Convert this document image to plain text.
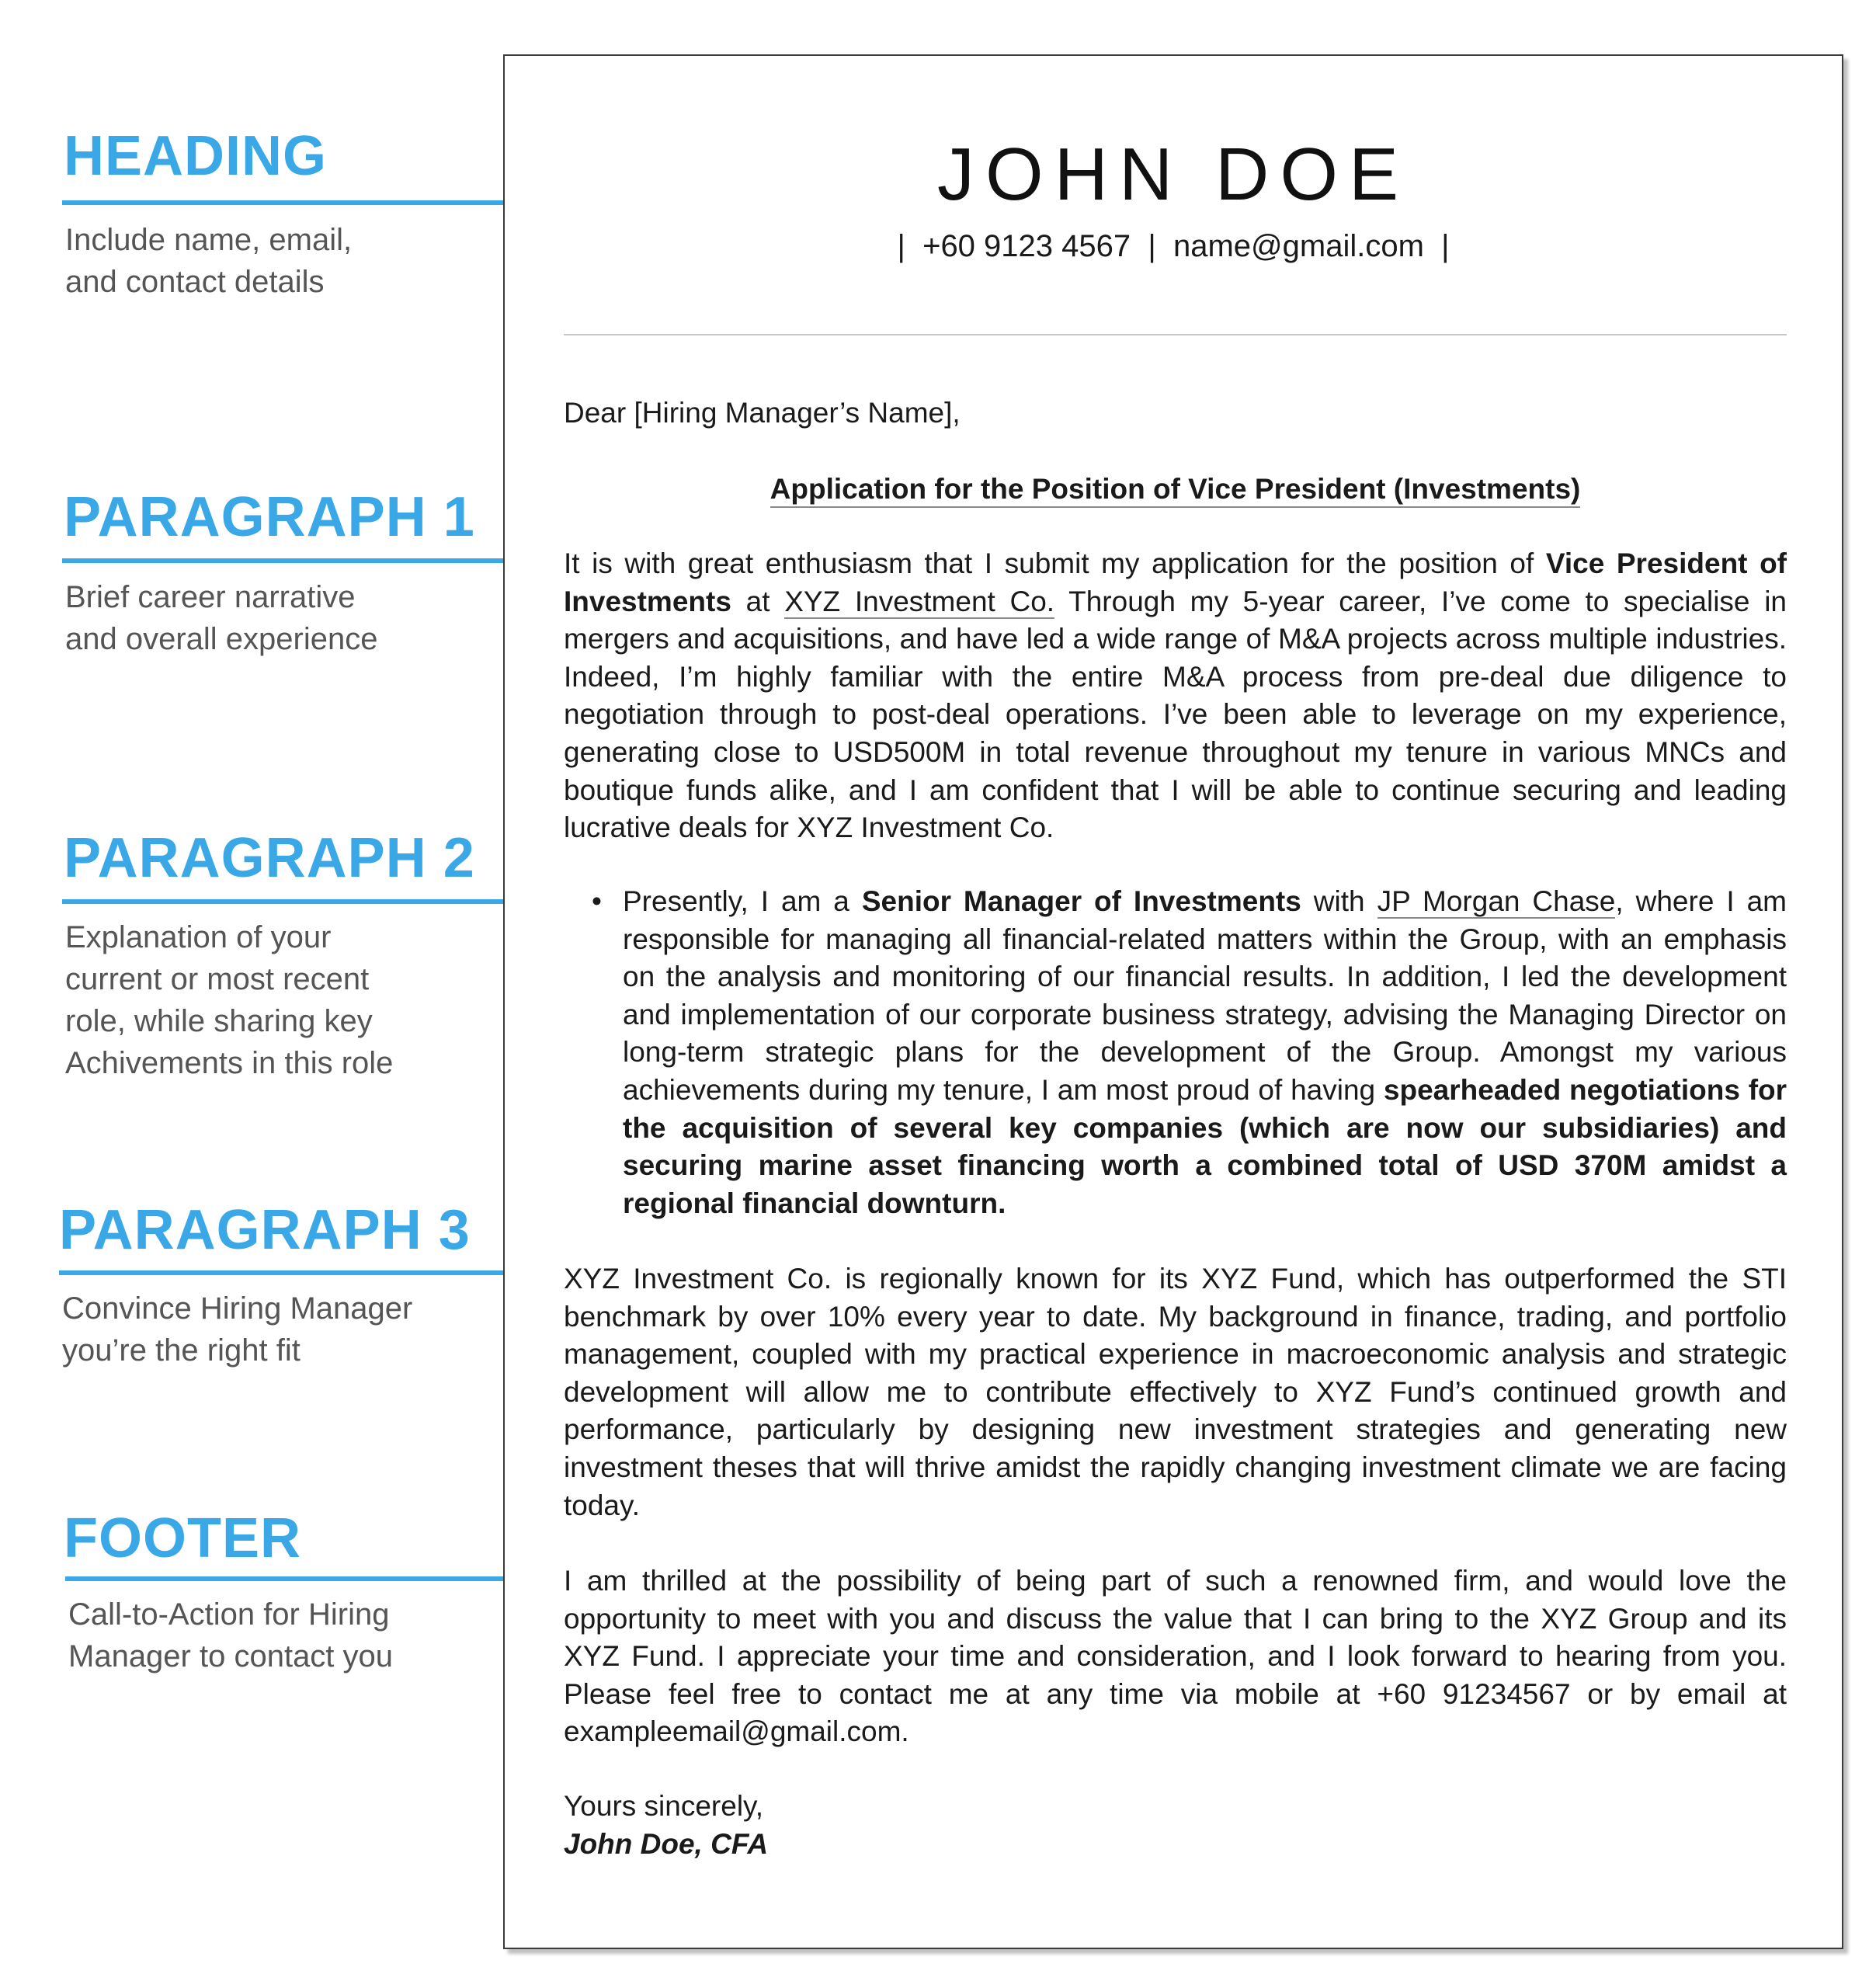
HEADING
Include name, email,
and contact details
PARAGRAPH 1
Brief career narrative
and overall experience
PARAGRAPH 2
Explanation of your
current or most recent
role, while sharing key
Achivements in this role
PARAGRAPH 3
Convince Hiring Manager
you’re the right fit
FOOTER
Call-to-Action for Hiring
Manager to contact you
JOHN DOE
|  +60 9123 4567  |  name@gmail.com  |
Dear [Hiring Manager’s Name],
Application for the Position of Vice President (Investments)
It is with great enthusiasm that I submit my application for the position of Vice President of Investments at XYZ Investment Co. Through my 5-year career, I’ve come to specialise in mergers and acquisitions, and have led a wide range of M&A projects across multiple industries. Indeed, I’m highly familiar with the entire M&A process from pre-deal due diligence to negotiation through to post-deal operations. I’ve been able to leverage on my experience, generating close to USD500M in total revenue throughout my tenure in various MNCs and boutique funds alike, and I am confident that I will be able to continue securing and leading lucrative deals for XYZ Investment Co.
• Presently, I am a Senior Manager of Investments with JP Morgan Chase, where I am responsible for managing all financial-related matters within the Group, with an emphasis on the analysis and monitoring of our financial results. In addition, I led the development and implementation of our corporate business strategy, advising the Managing Director on long-term strategic plans for the development of the Group. Amongst my various achievements during my tenure, I am most proud of having spearheaded negotiations for the acquisition of several key companies (which are now our subsidiaries) and securing marine asset financing worth a combined total of USD 370M amidst a regional financial downturn.
XYZ Investment Co. is regionally known for its XYZ Fund, which has outperformed the STI benchmark by over 10% every year to date. My background in finance, trading, and portfolio management, coupled with my practical experience in macroeconomic analysis and strategic development will allow me to contribute effectively to XYZ Fund’s continued growth and performance, particularly by designing new investment strategies and generating new investment theses that will thrive amidst the rapidly changing investment climate we are facing today.
I am thrilled at the possibility of being part of such a renowned firm, and would love the opportunity to meet with you and discuss the value that I can bring to the XYZ Group and its XYZ Fund. I appreciate your time and consideration, and I look forward to hearing from you. Please feel free to contact me at any time via mobile at +60 91234567 or by email at exampleemail@gmail.com.
Yours sincerely,
John Doe, CFA
